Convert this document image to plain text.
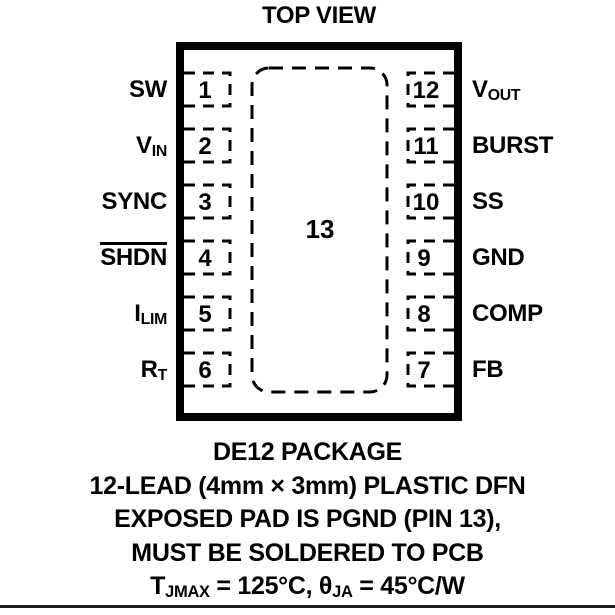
TOP VIEW
1
2
3
4
5
6
12
11
10
9
8
7
13
SW
$V_{IN}$
SYNC
SHDN
$I_{LIM}$
$R_T$
$V_{OUT}$
BURST
SS
GND
COMP
FB
DE12 PACKAGE
12-LEAD (4mm × 3mm) PLASTIC DFN
EXPOSED PAD IS PGND (PIN 13),
MUST BE SOLDERED TO PCB
$T_{JMAX} = 125^\circ C$, $\theta_{JA} = 45^\circ C/W$
